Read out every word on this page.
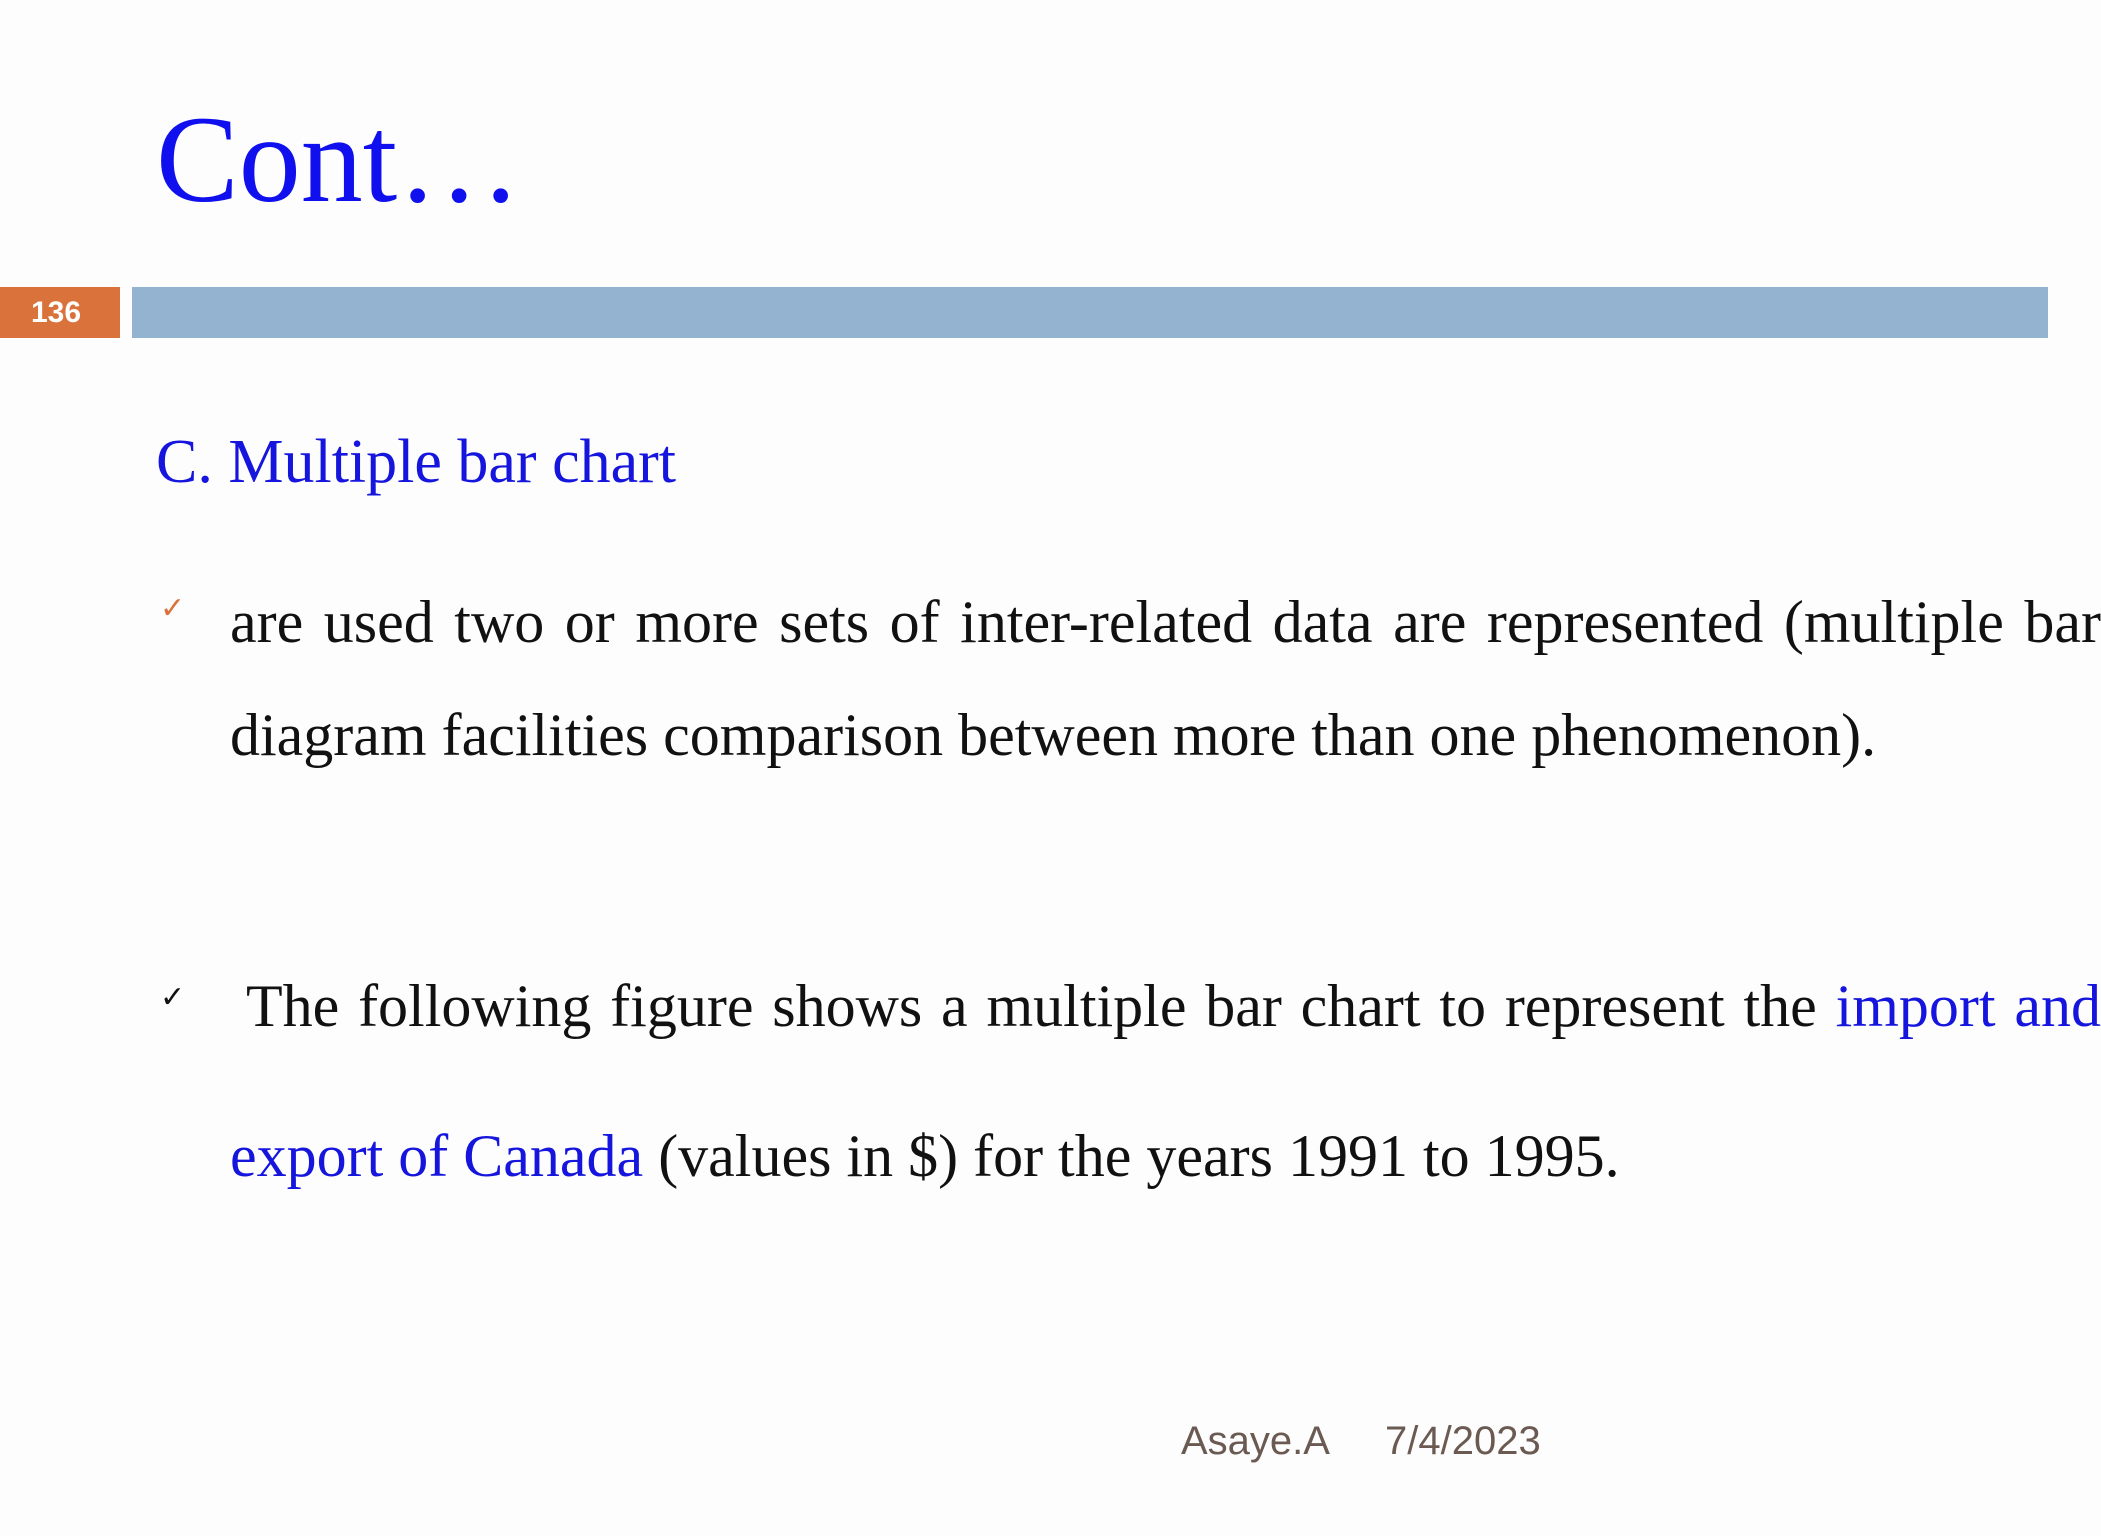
Cont…
136
C. Multiple bar chart
✓ are used two or more sets of inter-related data are represented (multiple bar diagram facilities comparison between more than one phenomenon).
✓ The following figure shows a multiple bar chart to represent the import and export of Canada (values in $) for the years 1991 to 1995.
Asaye.A 7/4/2023
